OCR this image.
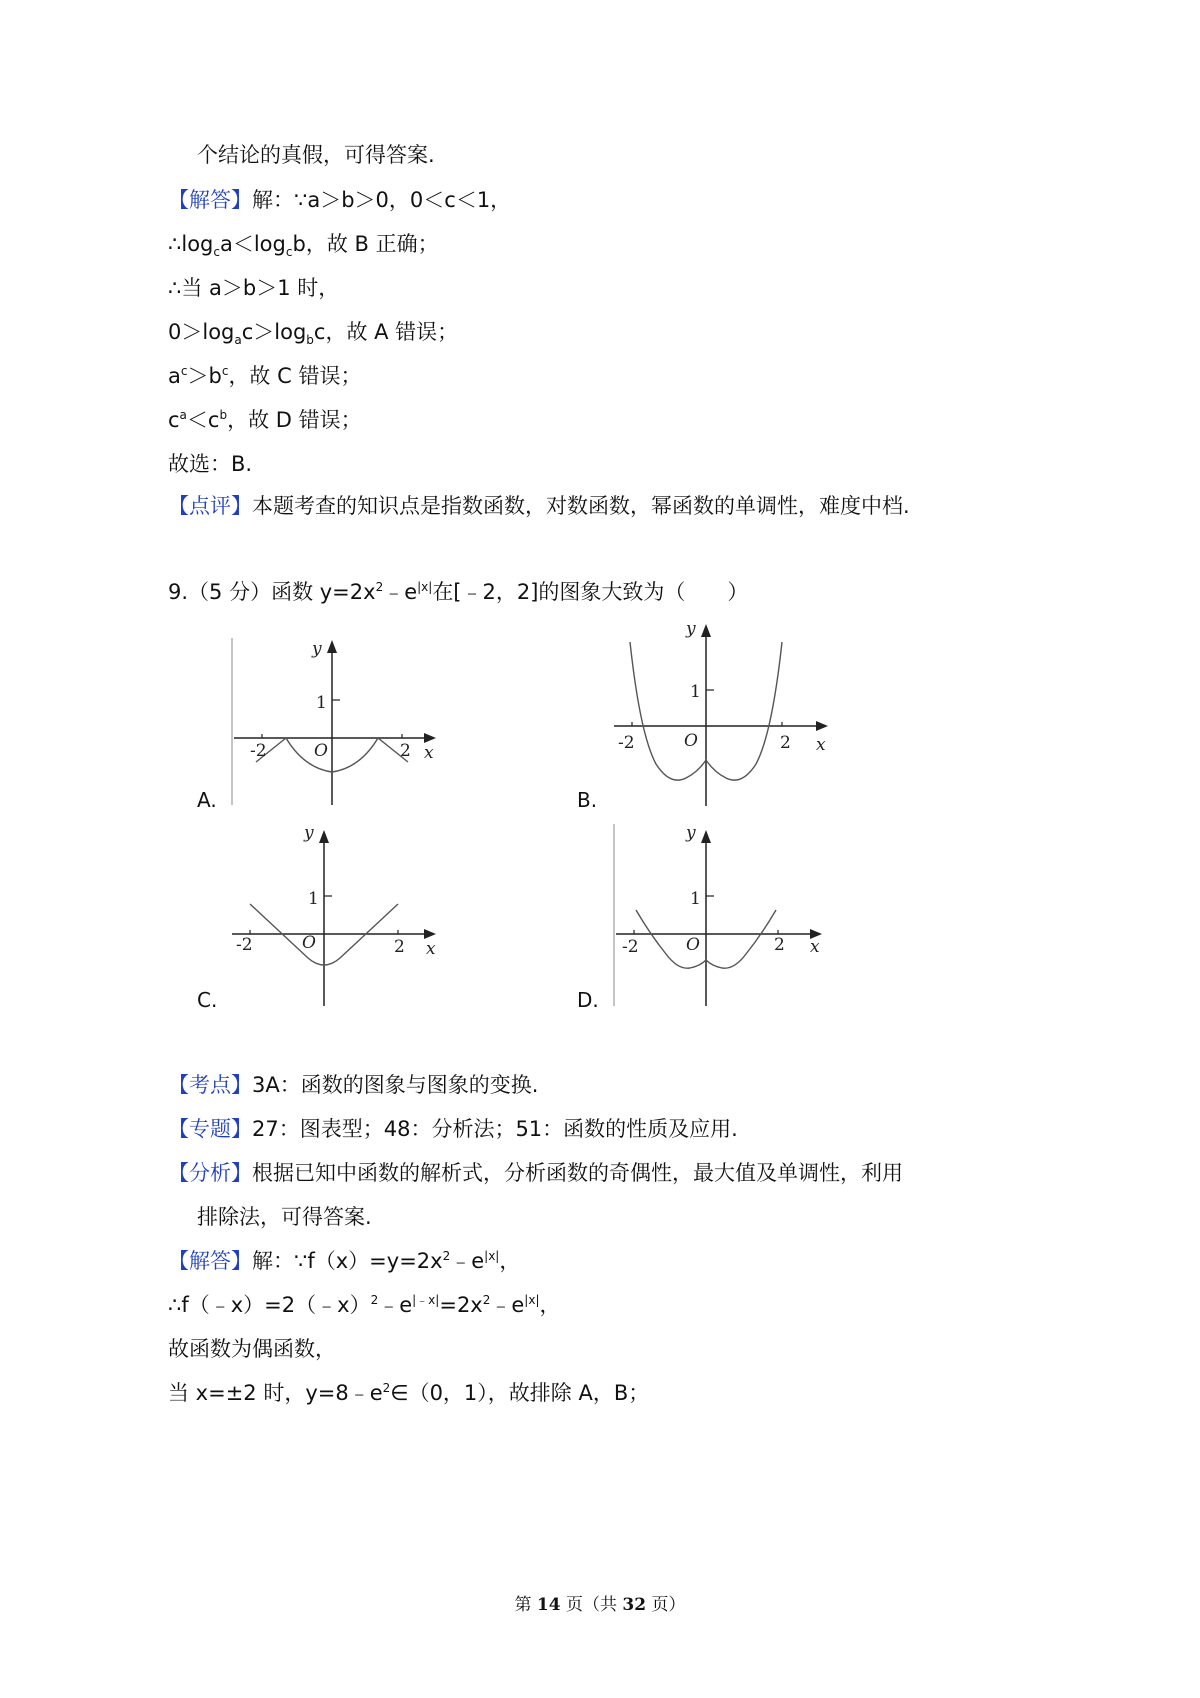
个结论的真假，可得答案.
【解答】解：∵a＞b＞0，0＜c＜1，
$\therefore\log_ca<\log_cb$，故 B 正确；
∴当 a＞b＞1 时，
$0>\log_ac>\log_bc$，故 A 错误；
$a^c>b^c$，故 C 错误；
$c^a<c^b$，故 D 错误；
故选：B.
【点评】本题考查的知识点是指数函数，对数函数，幂函数的单调性，难度中档.
9.（5 分）函数 $y=2x^2﹣e^{|x|}$在[﹣2，2]的图象大致为（　　）
y
1
-2	O	2 x
A.
y
1
-2	O	2 x
B.
y
1
-2	O	2 x
C.
y
1
-2	O	2 x
D.
【考点】3A：函数的图象与图象的变换.
【专题】27：图表型；48：分析法；51：函数的性质及应用.
【分析】根据已知中函数的解析式，分析函数的奇偶性，最大值及单调性，利用
排除法，可得答案.
【解答】解：$\because f(x)=y=2x^2﹣e^{|x|}$，
$\therefore f(﹣x)=2(﹣x)^2﹣e^{|﹣x|}=2x^2﹣e^{|x|}$，
故函数为偶函数，
当 x=±2 时，$y=8﹣e^2\in(0$，1），故排除 A，B；
第 14 页（共 32 页）
